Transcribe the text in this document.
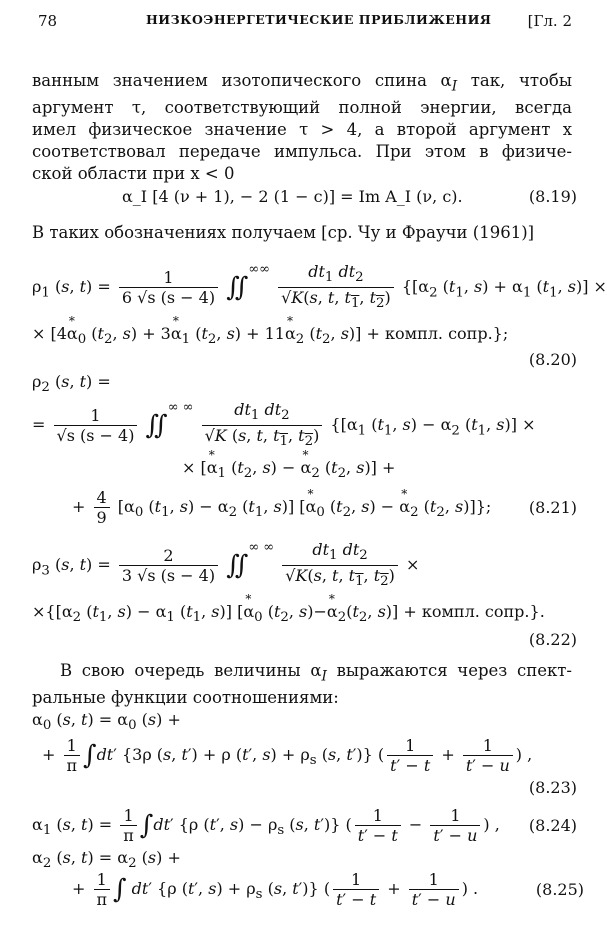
78	НИЗКОЭНЕРГЕТИЧЕСКИЕ ПРИБЛИЖЕНИЯ [Гл. 2
ванным значением изотопического спина $\alpha_I$ так, чтобы
аргумент τ, соответствующий полной энергии, всегда
имел физическое значение τ > 4, а второй аргумент x
соответствовал передаче импульса. При этом в физиче-
ской области при x < 0
α_I [4 (ν + 1), − 2 (1 − c)] = Im A_I (ν, c).	(8.19)
В таких обозначениях получаем [ср. Чу и Фраучи (1961)]
$\rho_1$ (s, $t) = \frac{1}{6 √s (s - 4)}$ ∬∞∞ $\frac{dt_1 dt_2}{√K(s, t, t_1, t_2)} \{[\alpha_2$ ($t_1$, $s) + \alpha_1$ ($t_1$, s)] ×
× [4* $\alpha_0$ ($t_2$, s) + 3* $\alpha_1$ ($t_2$, s) + 11* $\alpha_2$ ($t_2$, s)] + компл. сопр.};
(8.20)
$\rho_2$ (s, t) =
= $\frac{1}{√s (s - 4)}$ ∬∞ ∞ $\frac{dt_1 dt_2}{√K (s, t, t_1, t_2)} \{[\alpha_1$ ($t_1$, $s) - \alpha_2$ ($t_1$, s)] ×
× [* $\alpha_1$ ($t_2$, s) − * $\alpha_2$ ($t_2$, s)] +
+ $\frac{4}{9} [\alpha_0$ ($t_1$, $s) - \alpha_2$ ($t_1$, s)] [* $\alpha_0$ ($t_2$, s) − * $\alpha_2$ ($t_2$, s)]}; (8.21)
$\rho_3$ (s, $t) = \frac{2}{3 √s (s - 4)}$ ∬∞ ∞ $\frac{dt_1 dt_2}{√K(s, t, t_1, t_2)}$ ×
$\times\{[\alpha_2$ ($t_1$, $s) - \alpha_1$ ($t_1$, s)] [* $\alpha_0$ ($t_2$, s)−* $\alpha_2(t_2$, s)] + компл. сопр.}.
(8.22)
В свою очередь величины $\alpha_I$ выражаются через спект-
ральные функции соотношениями:
$\alpha_0$ (s, $t) = \alpha_0$ (s) +
+ $\frac{1}{\pi} \int dt'$ {3ρ (s, t′) + ρ (t′, $s) + \rho_s$ (s, t′)} ( $\frac{1}{t' - t} + \frac{1}{t' - u}$ ) ,
(8.23)
$\alpha_1$ (s, $t) = \frac{1}{\pi} \int dt'$ {ρ (t′, $s) - \rho_s$ (s, t′)} ( $\frac{1}{t' - t} - \frac{1}{t' - u}$ ) , (8.24)
$\alpha_2$ (s, $t) = \alpha_2$ (s) +
+ $\frac{1}{\pi}$ ∫ dt′ {ρ (t′, $s) + \rho_s$ (s, t′)} ( $\frac{1}{t' - t} + \frac{1}{t' - u}$ ) .	(8.25)
